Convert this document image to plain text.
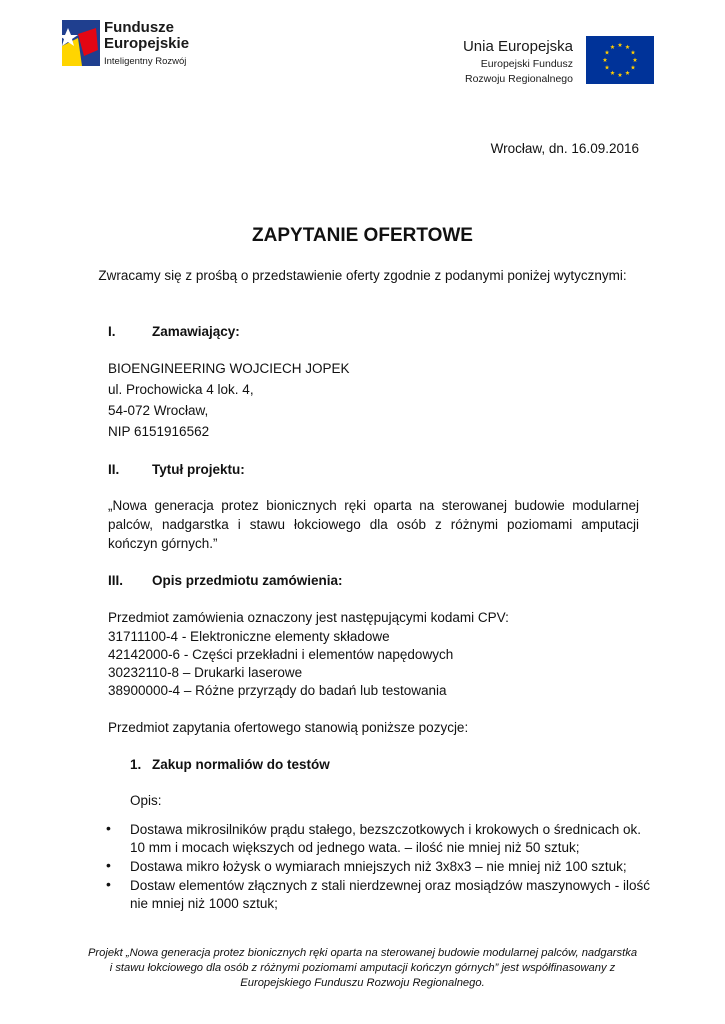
Fundusze
Europejskie
Inteligentny Rozwój
Unia Europejska
Europejski Fundusz
Rozwoju Regionalnego
Wrocław, dn. 16.09.2016
ZAPYTANIE OFERTOWE
Zwracamy się z prośbą o przedstawienie oferty zgodnie z podanymi poniżej wytycznymi:
I.	Zamawiający:
BIOENGINEERING WOJCIECH JOPEK
ul. Prochowicka 4 lok. 4,
54-072 Wrocław,
NIP 6151916562
II. Tytuł projektu:
„Nowa generacja protez bionicznych ręki oparta na sterowanej budowie modularnej palców, nadgarstka i stawu łokciowego dla osób z różnymi poziomami amputacji kończyn górnych.”
III. Opis przedmiotu zamówienia:
Przedmiot zamówienia oznaczony jest następującymi kodami CPV:
31711100-4 - Elektroniczne elementy składowe
42142000-6 - Części przekładni i elementów napędowych
30232110-8 – Drukarki laserowe
38900000-4 – Różne przyrządy do badań lub testowania
Przedmiot zapytania ofertowego stanowią poniższe pozycje:
1. Zakup normaliów do testów
Opis:
• Dostawa mikrosilników prądu stałego, bezszczotkowych i krokowych o średnicach ok. 10 mm i mocach większych od jednego wata. – ilość nie mniej niż 50 sztuk;
• Dostawa mikro łożysk o wymiarach mniejszych niż 3x8x3 – nie mniej niż 100 sztuk;
• Dostaw elementów złącznych z stali nierdzewnej oraz mosiądzów maszynowych - ilość nie mniej niż 1000 sztuk;
Projekt „Nowa generacja protez bionicznych ręki oparta na sterowanej budowie modularnej palców, nadgarstka
i stawu łokciowego dla osób z różnymi poziomami amputacji kończyn górnych” jest współfinasowany z
Europejskiego Funduszu Rozwoju Regionalnego.
